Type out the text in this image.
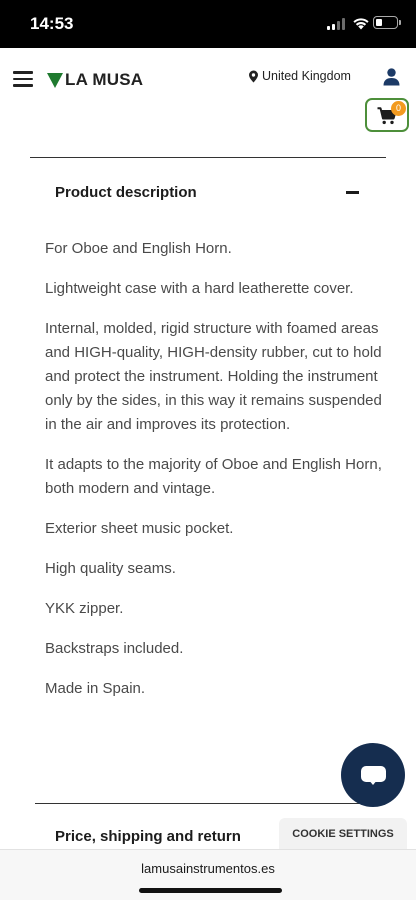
14:53
LA MUSA	United Kingdom
0
Product description

For Oboe and English Horn.

Lightweight case with a hard leatherette cover.

Internal, molded, rigid structure with foamed areas and HIGH-quality, HIGH-density rubber, cut to hold and protect the instrument. Holding the instrument only by the sides, in this way it remains suspended in the air and improves its protection.

It adapts to the majority of Oboe and English Horn, both modern and vintage.

Exterior sheet music pocket.

High quality seams.

YKK zipper.

Backstraps included.

Made in Spain.

Price, shipping and return	COOKIE SETTINGS
lamusainstrumentos.es
